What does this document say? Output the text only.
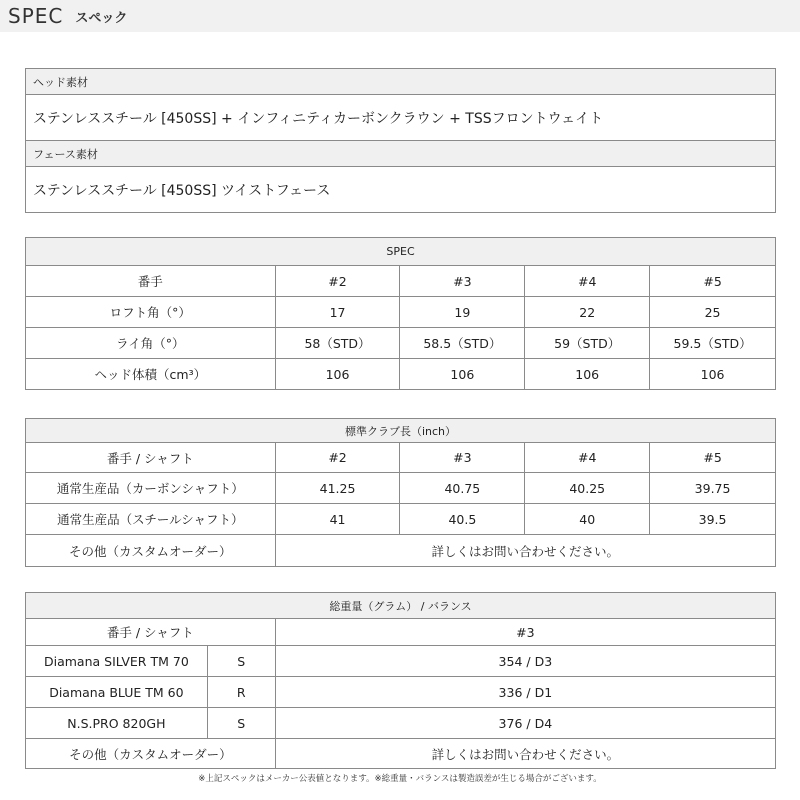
SPEC スペック
ヘッド素材
ステンレススチール [450SS] + インフィニティカーボンクラウン + TSSフロントウェイト
フェース素材
ステンレススチール [450SS] ツイストフェース
SPEC				
番手	#2	#3	#4	#5
ロフト角（°）	17	19	22	25
ライ角（°）	58（STD）	58.5（STD）	59（STD）	59.5（STD）
ヘッド体積（cm³）	106	106	106	106
標準クラブ長（inch）				
番手 / シャフト	#2	#3	#4	#5
通常生産品（カーボンシャフト）	41.25	40.75	40.25	39.75
通常生産品（スチールシャフト）	41	40.5	40	39.5
その他（カスタムオーダー）	詳しくはお問い合わせください。			
総重量（グラム） / バランス		
番手 / シャフト		#3
Diamana SILVER TM 70	S	354 / D3
Diamana BLUE TM 60	R	336 / D1
N.S.PRO 820GH	S	376 / D4
その他（カスタムオーダー）		詳しくはお問い合わせください。
※上記スペックはメーカー公表値となります。※総重量・バランスは製造誤差が生じる場合がございます。
